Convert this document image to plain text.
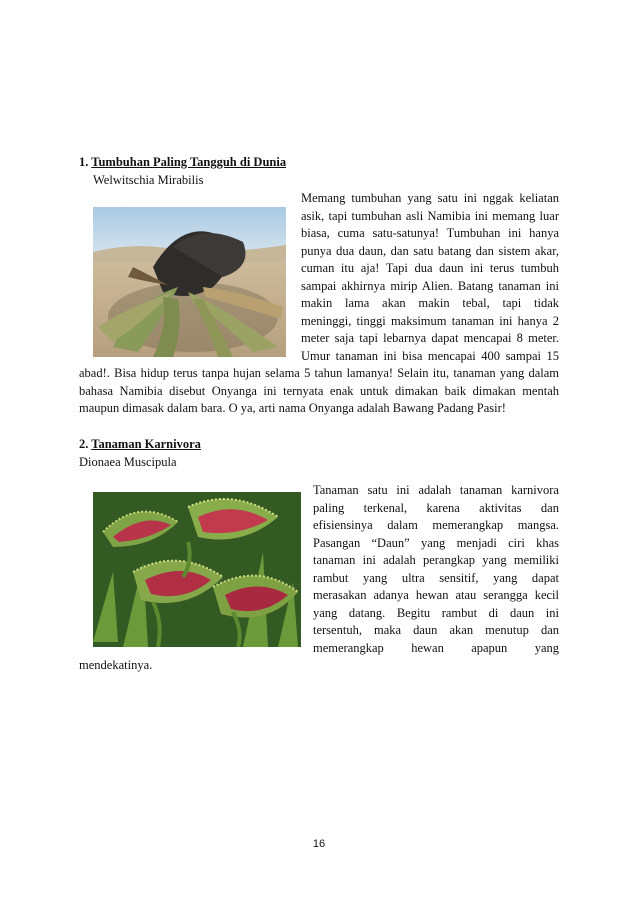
1. Tumbuhan Paling Tangguh di Dunia
Welwitschia Mirabilis
Memang tumbuhan yang satu ini nggak keliatan
asik, tapi tumbuhan asli Namibia ini memang luar
biasa, cuma satu-satunya! Tumbuhan ini hanya
punya dua daun, dan satu batang dan sistem akar,
cuman itu aja! Tapi dua daun ini terus tumbuh
sampai akhirnya mirip Alien. Batang tanaman ini
makin lama akan makin tebal, tapi tidak
meninggi, tinggi maksimum tanaman ini hanya 2
meter saja tapi lebarnya dapat mencapai 8 meter.
Umur tanaman ini bisa mencapai 400 sampai 15
abad!. Bisa hidup terus tanpa hujan selama 5 tahun lamanya! Selain itu, tanaman yang dalam
bahasa Namibia disebut Onyanga ini ternyata enak untuk dimakan baik dimakan mentah
maupun dimasak dalam bara. O ya, arti nama Onyanga adalah Bawang Padang Pasir!
2. Tanaman Karnivora
Dionaea Muscipula
Tanaman satu ini adalah tanaman karnivora
paling terkenal, karena aktivitas dan
efisiensinya dalam memerangkap mangsa.
Pasangan “Daun” yang menjadi ciri khas
tanaman ini adalah perangkap yang memiliki
rambut yang ultra sensitif, yang dapat
merasakan adanya hewan atau serangga kecil
yang datang. Begitu rambut di daun ini
tersentuh, maka daun akan menutup dan
memerangkap hewan apapun yang
mendekatinya.
16
